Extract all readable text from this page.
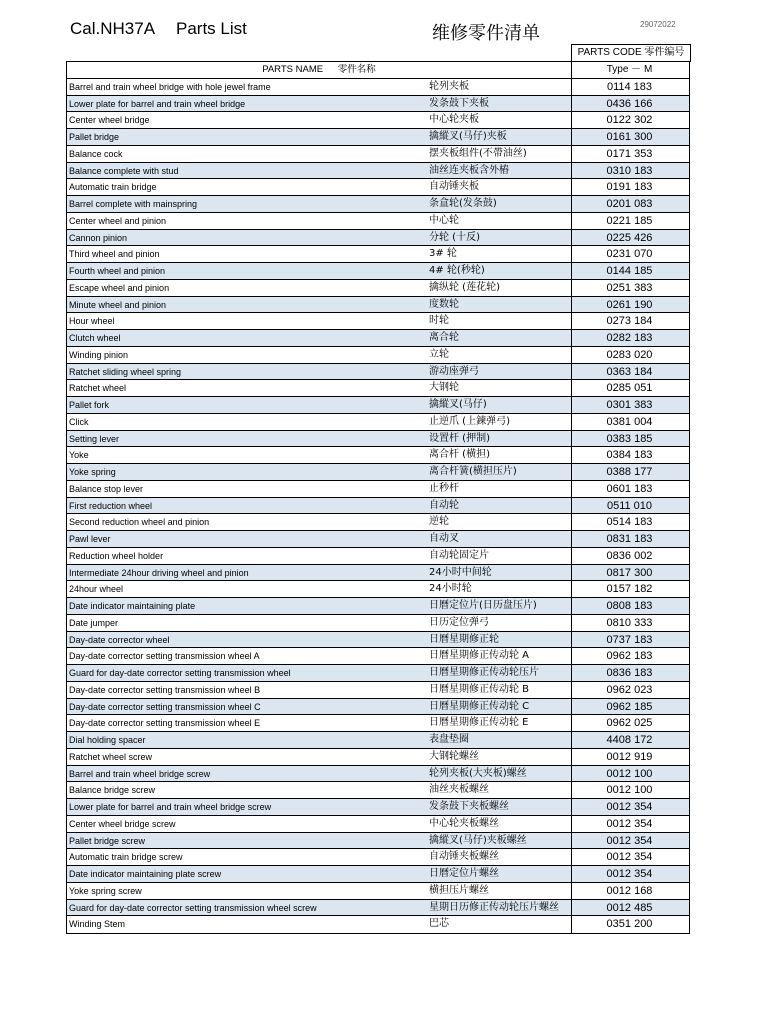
Cal.NH37A Parts List	维修零件清单	29072022
PARTS CODE 零件编号
PARTS NAME 零件名称	Type － M
Barrel and train wheel bridge with hole jewel frame	轮列夹板	0114 183
Lower plate for barrel and train wheel bridge	发条鼓下夹板	0436 166
Center wheel bridge	中心轮夹板	0122 302
Pallet bridge	擒縱叉(马仔)夹板	0161 300
Balance cock	摆夹板组件(不帶油丝)	0171 353
Balance complete with stud	油丝连夹板含外樁	0310 183
Automatic train bridge	自动锤夹板	0191 183
Barrel complete with mainspring	条盒轮(发条鼓)	0201 083
Center wheel and pinion	中心轮	0221 185
Cannon pinion	分轮 (十反)	0225 426
Third wheel and pinion	3# 轮	0231 070
Fourth wheel and pinion	4# 轮(秒轮)	0144 185
Escape wheel and pinion	擒纵轮 (莲花轮)	0251 383
Minute wheel and pinion	度数轮	0261 190
Hour wheel	时轮	0273 184
Clutch wheel	离合轮	0282 183
Winding pinion	立轮	0283 020
Ratchet sliding wheel spring	游动座弹弓	0363 184
Ratchet wheel	大钢轮	0285 051
Pallet fork	擒縱叉(马仔)	0301 383
Click	止逆爪 (上鍊弹弓)	0381 004
Setting lever	设置杆 (押制)	0383 185
Yoke	离合杆 (横担)	0384 183
Yoke spring	离合杆簧(横担压片)	0388 177
Balance stop lever	止秒杆	0601 183
First reduction wheel	自动轮	0511 010
Second reduction wheel and pinion	逆轮	0514 183
Pawl lever	自动叉	0831 183
Reduction wheel holder	自动轮固定片	0836 002
Intermediate 24hour driving wheel and pinion	24小时中间轮	0817 300
24hour wheel	24小时轮	0157 182
Date indicator maintaining plate	日曆定位片(日历盘压片)	0808 183
Date jumper	日历定位弹弓	0810 333
Day-date corrector wheel	日曆星期修正轮	0737 183
Day-date corrector setting transmission wheel A	日曆星期修正传动轮 A	0962 183
Guard for day-date corrector setting transmission wheel	日曆星期修正传动轮压片	0836 183
Day-date corrector setting transmission wheel B	日曆星期修正传动轮 B	0962 023
Day-date corrector setting transmission wheel C	日曆星期修正传动轮 C	0962 185
Day-date corrector setting transmission wheel E	日曆星期修正传动轮 E	0962 025
Dial holding spacer	表盘垫圈	4408 172
Ratchet wheel screw	大钢轮螺丝	0012 919
Barrel and train wheel bridge screw	轮列夹板(大夹板)螺丝	0012 100
Balance bridge screw	油丝夹板螺丝	0012 100
Lower plate for barrel and train wheel bridge screw	发条鼓下夹板螺丝	0012 354
Center wheel bridge screw	中心轮夹板螺丝	0012 354
Pallet bridge screw	擒縱叉(马仔)夹板螺丝	0012 354
Automatic train bridge screw	自动锤夹板螺丝	0012 354
Date indicator maintaining plate screw	日曆定位片螺丝	0012 354
Yoke spring screw	横担压片螺丝	0012 168
Guard for day-date corrector setting transmission wheel screw	星期日历修正传动轮压片螺丝	0012 485
Winding Stem	巴芯	0351 200
